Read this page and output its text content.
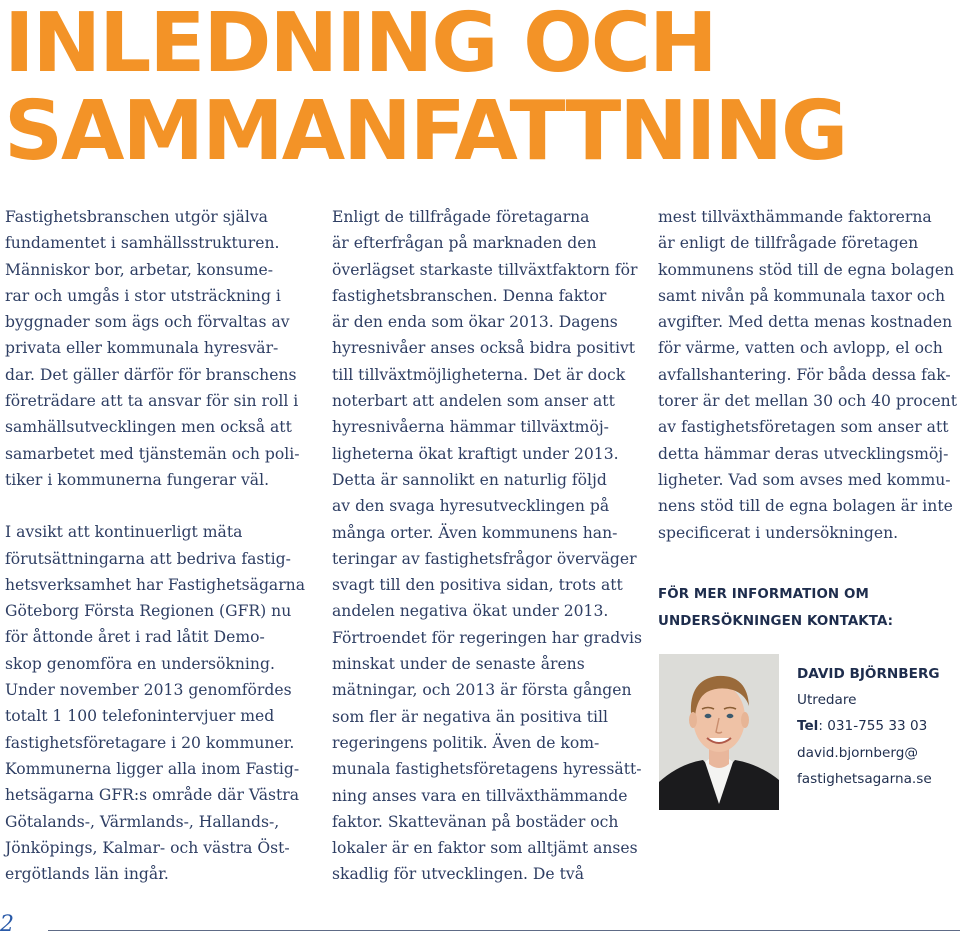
INLEDNING OCH
SAMMANFATTNING

Fastighetsbranschen utgör själva
fundamentet i samhällsstrukturen.
Människor bor, arbetar, konsume-
rar och umgås i stor utsträckning i
byggnader som ägs och förvaltas av
privata eller kommunala hyresvär-
dar. Det gäller därför för branschens
företrädare att ta ansvar för sin roll i
samhällsutvecklingen men också att
samarbetet med tjänstemän och poli-
tiker i kommunerna fungerar väl.

I avsikt att kontinuerligt mäta
förutsättningarna att bedriva fastig-
hetsverksamhet har Fastighetsägarna
Göteborg Första Regionen (GFR) nu
för åttonde året i rad låtit Demo-
skop genomföra en undersökning.
Under november 2013 genomfördes
totalt 1 100 telefonintervjuer med
fastighetsföretagare i 20 kommuner.
Kommunerna ligger alla inom Fastig-
hetsägarna GFR:s område där Västra
Götalands-, Värmlands-, Hallands-,
Jönköpings, Kalmar- och västra Öst-
ergötlands län ingår.

Enligt de tillfrågade företagarna
är efterfrågan på marknaden den
överlägset starkaste tillväxtfaktorn för
fastighetsbranschen. Denna faktor
är den enda som ökar 2013. Dagens
hyresnivåer anses också bidra positivt
till tillväxtmöjligheterna. Det är dock
noterbart att andelen som anser att
hyresnivåerna hämmar tillväxtmöj-
ligheterna ökat kraftigt under 2013.
Detta är sannolikt en naturlig följd
av den svaga hyresutvecklingen på
många orter. Även kommunens han-
teringar av fastighetsfrågor överväger
svagt till den positiva sidan, trots att
andelen negativa ökat under 2013.
Förtroendet för regeringen har gradvis
minskat under de senaste årens
mätningar, och 2013 är första gången
som fler är negativa än positiva till
regeringens politik. Även de kom-
munala fastighetsföretagens hyressätt-
ning anses vara en tillväxthämmande
faktor. Skattevänan på bostäder och
lokaler är en faktor som alltjämt anses
skadlig för utvecklingen. De två

mest tillväxthämmande faktorerna
är enligt de tillfrågade företagen
kommunens stöd till de egna bolagen
samt nivån på kommunala taxor och
avgifter. Med detta menas kostnaden
för värme, vatten och avlopp, el och
avfallshantering. För båda dessa fak-
torer är det mellan 30 och 40 procent
av fastighetsföretagen som anser att
detta hämmar deras utvecklingsmöj-
ligheter. Vad som avses med kommu-
nens stöd till de egna bolagen är inte
specificerat i undersökningen.

FÖR MER INFORMATION OM
UNDERSÖKNINGEN KONTAKTA:
DAVID BJÖRNBERG
Utredare
Tel: 031-755 33 03
david.bjornberg@
fastighetsagarna.se
2
